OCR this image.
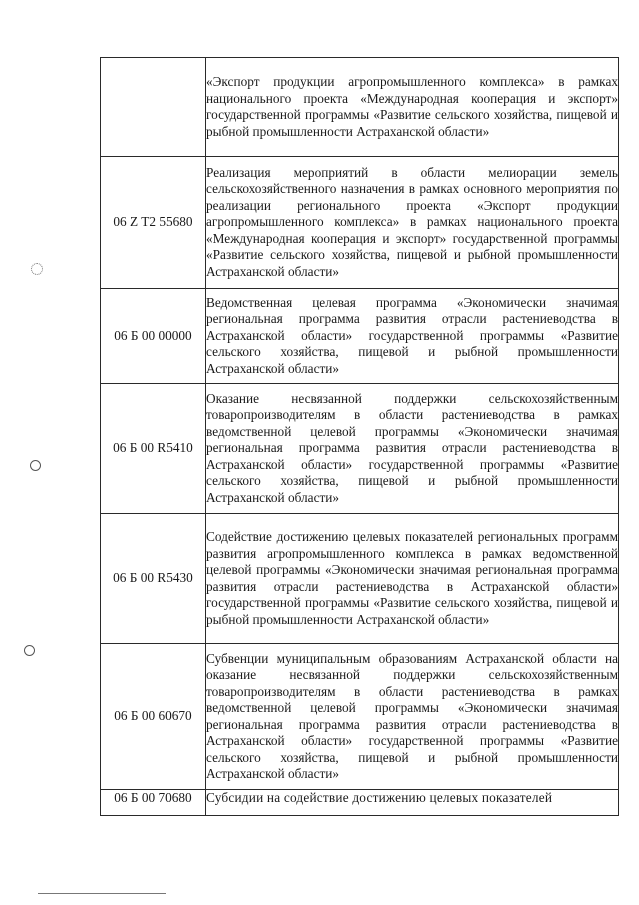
	«Экспорт продукции агропромышленного комплекса» в рамках национального проекта «Международная кооперация и экспорт» государственной программы «Развитие сельского хозяйства, пищевой и рыбной промышленности Астраханской области»
06 Z T2 55680	Реализация мероприятий в области мелиорации земель сельскохозяйственного назначения в рамках основного мероприятия по реализации регионального проекта «Экспорт продукции агропромышленного комплекса» в рамках национального проекта «Международная кооперация и экспорт» государственной программы «Развитие сельского хозяйства, пищевой и рыбной промышленности Астраханской области»
06 Б 00 00000	Ведомственная целевая программа «Экономически значимая региональная программа развития отрасли растениеводства в Астраханской области» государственной программы «Развитие сельского хозяйства, пищевой и рыбной промышленности Астраханской области»
06 Б 00 R5410	Оказание несвязанной поддержки сельскохозяйственным товаропроизводителям в области растениеводства в рамках ведомственной целевой программы «Экономически значимая региональная программа развития отрасли растениеводства в Астраханской области» государственной программы «Развитие сельского хозяйства, пищевой и рыбной промышленности Астраханской области»
06 Б 00 R5430	Содействие достижению целевых показателей региональных программ развития агропромышленного комплекса в рамках ведомственной целевой программы «Экономически значимая региональная программа развития отрасли растениеводства в Астраханской области» государственной программы «Развитие сельского хозяйства, пищевой и рыбной промышленности Астраханской области»
06 Б 00 60670	Субвенции муниципальным образованиям Астраханской области на оказание несвязанной поддержки сельскохозяйственным товаропроизводителям в области растениеводства в рамках ведомственной целевой программы «Экономически значимая региональная программа развития отрасли растениеводства в Астраханской области» государственной программы «Развитие сельского хозяйства, пищевой и рыбной промышленности Астраханской области»
06 Б 00 70680	Субсидии на содействие достижению целевых показателей
